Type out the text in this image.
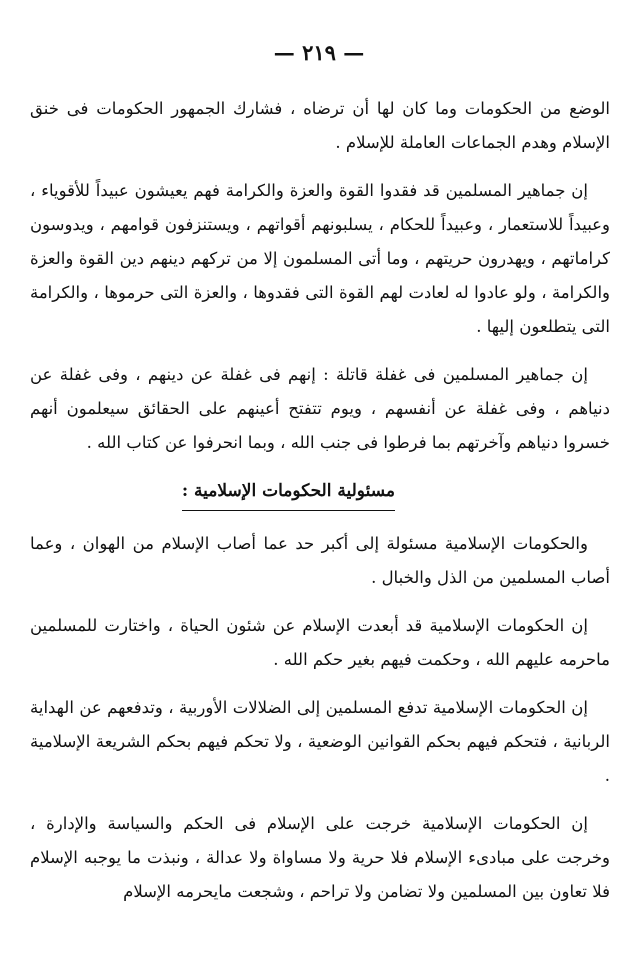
— ٢١٩ —

الوضع من الحكومات وما كان لها أن ترضاه ، فشارك الجمهور الحكومات فى خنق الإسلام وهدم الجماعات العاملة للإسلام .

إن جماهير المسلمين قد فقدوا القوة والعزة والكرامة فهم يعيشون عبيداً للأقوياء ، وعبيداً للاستعمار ، وعبيداً للحكام ، يسلبونهم أقواتهم ، ويستنزفون قوامهم ، ويدوسون كراماتهم ، ويهدرون حريتهم ، وما أتى المسلمون إلا من تركهم دينهم دين القوة والعزة والكرامة ، ولو عادوا له لعادت لهم القوة التى فقدوها ، والعزة التى حرموها ، والكرامة التى يتطلعون إليها .

إن جماهير المسلمين فى غفلة قاتلة : إنهم فى غفلة عن دينهم ، وفى غفلة عن دنياهم ، وفى غفلة عن أنفسهم ، ويوم تتفتح أعينهم على الحقائق سيعلمون أنهم خسروا دنياهم وآخرتهم بما فرطوا فى جنب الله ، وبما انحرفوا عن كتاب الله .

مسئولية الحكومات الإسلامية :

والحكومات الإسلامية مسئولة إلى أكبر حد عما أصاب الإسلام من الهوان ، وعما أصاب المسلمين من الذل والخبال .

إن الحكومات الإسلامية قد أبعدت الإسلام عن شئون الحياة ، واختارت للمسلمين ماحرمه عليهم الله ، وحكمت فيهم بغير حكم الله .

إن الحكومات الإسلامية تدفع المسلمين إلى الضلالات الأوربية ، وتدفعهم عن الهداية الربانية ، فتحكم فيهم بحكم القوانين الوضعية ، ولا تحكم فيهم بحكم الشريعة الإسلامية .

إن الحكومات الإسلامية خرجت على الإسلام فى الحكم والسياسة والإدارة ، وخرجت على مبادىء الإسلام فلا حرية ولا مساواة ولا عدالة ، ونبذت ما يوجبه الإسلام فلا تعاون بين المسلمين ولا تضامن ولا تراحم ، وشجعت مايحرمه الإسلام
